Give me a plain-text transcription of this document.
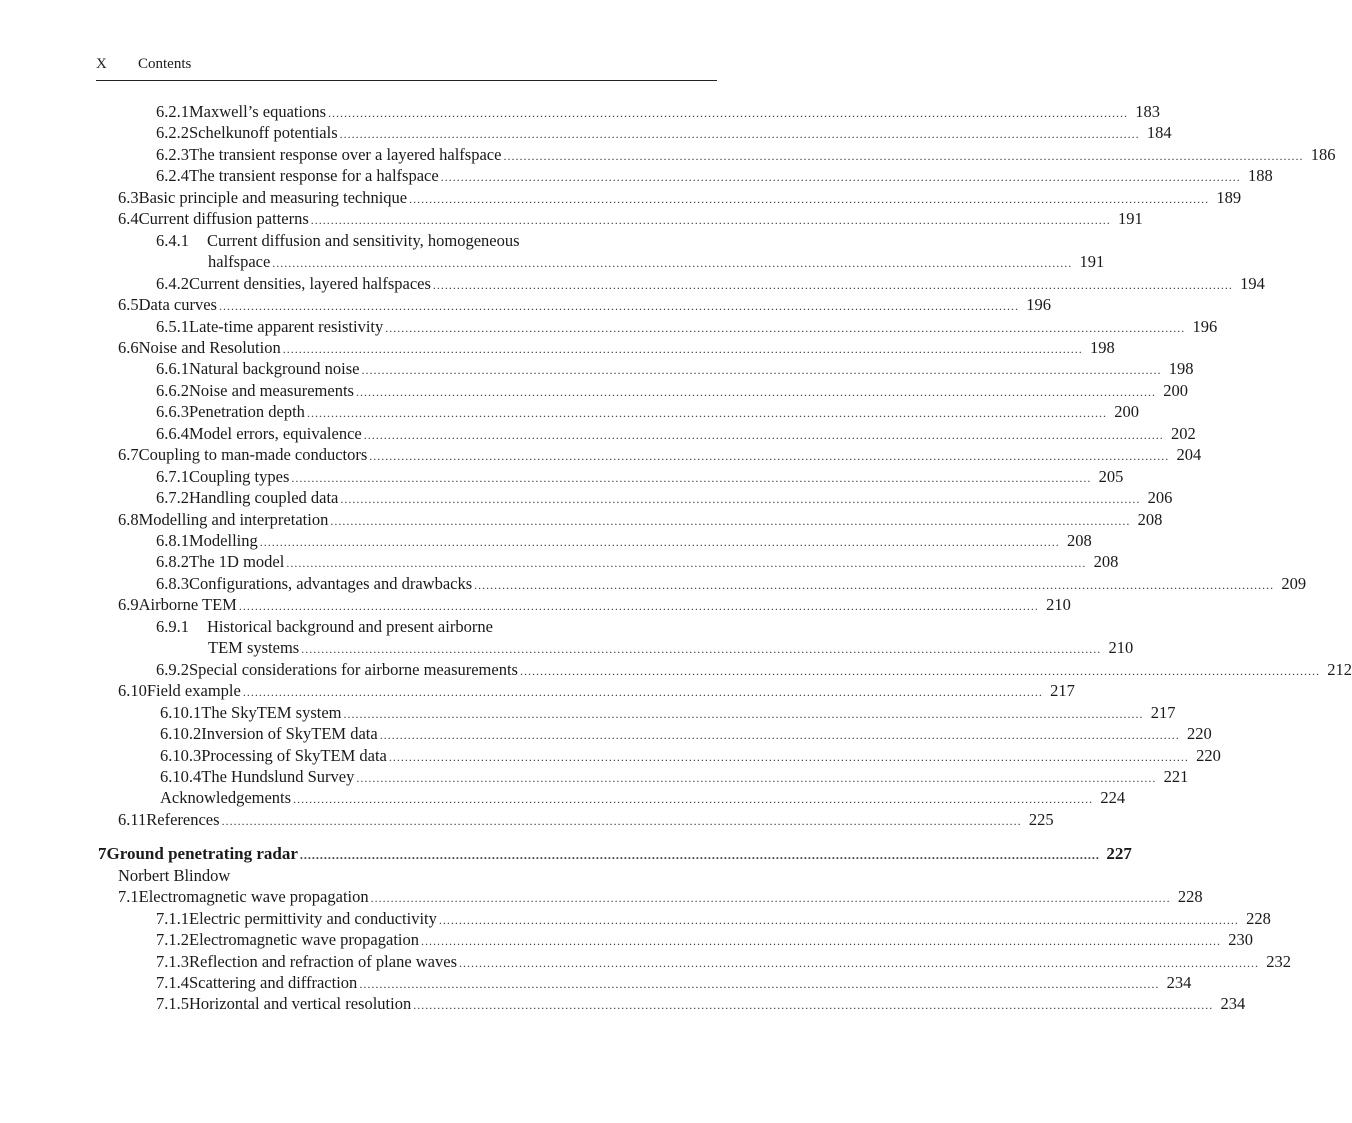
X Contents
6.2.1 Maxwell’s equations ........................................................................................................................................................................................................ 183
6.2.2 Schelkunoff potentials ........................................................................................................................................................................................................ 184
6.2.3 The transient response over a layered halfspace ........................................................................................................................................................................................................ 186
6.2.4 The transient response for a halfspace ........................................................................................................................................................................................................ 188
6.3 Basic principle and measuring technique ........................................................................................................................................................................................................ 189
6.4 Current diffusion patterns ........................................................................................................................................................................................................ 191
6.4.1	Current diffusion and sensitivity, homogeneous
halfspace ........................................................................................................................................................................................................ 191
6.4.2 Current densities, layered halfspaces ........................................................................................................................................................................................................ 194
6.5 Data curves ........................................................................................................................................................................................................ 196
6.5.1 Late-time apparent resistivity ........................................................................................................................................................................................................ 196
6.6 Noise and Resolution ........................................................................................................................................................................................................ 198
6.6.1 Natural background noise ........................................................................................................................................................................................................ 198
6.6.2 Noise and measurements ........................................................................................................................................................................................................ 200
6.6.3 Penetration depth ........................................................................................................................................................................................................ 200
6.6.4 Model errors, equivalence ........................................................................................................................................................................................................ 202
6.7 Coupling to man-made conductors ........................................................................................................................................................................................................ 204
6.7.1 Coupling types ........................................................................................................................................................................................................ 205
6.7.2 Handling coupled data ........................................................................................................................................................................................................ 206
6.8 Modelling and interpretation ........................................................................................................................................................................................................ 208
6.8.1 Modelling ........................................................................................................................................................................................................ 208
6.8.2 The 1D model ........................................................................................................................................................................................................ 208
6.8.3 Configurations, advantages and drawbacks ........................................................................................................................................................................................................ 209
6.9 Airborne TEM ........................................................................................................................................................................................................ 210
6.9.1	Historical background and present airborne
TEM systems ........................................................................................................................................................................................................ 210
6.9.2 Special considerations for airborne measurements ........................................................................................................................................................................................................ 212
6.10 Field example ........................................................................................................................................................................................................ 217
6.10.1 The SkyTEM system ........................................................................................................................................................................................................ 217
6.10.2 Inversion of SkyTEM data ........................................................................................................................................................................................................ 220
6.10.3 Processing of SkyTEM data ........................................................................................................................................................................................................ 220
6.10.4 The Hundslund Survey ........................................................................................................................................................................................................ 221
Acknowledgements ........................................................................................................................................................................................................ 224
6.11 References ........................................................................................................................................................................................................ 225
7 Ground penetrating radar ........................................................................................................................................................................................................ 227
Norbert Blindow
7.1 Electromagnetic wave propagation ........................................................................................................................................................................................................ 228
7.1.1 Electric permittivity and conductivity ........................................................................................................................................................................................................ 228
7.1.2 Electromagnetic wave propagation ........................................................................................................................................................................................................ 230
7.1.3 Reflection and refraction of plane waves ........................................................................................................................................................................................................ 232
7.1.4 Scattering and diffraction ........................................................................................................................................................................................................ 234
7.1.5 Horizontal and vertical resolution ........................................................................................................................................................................................................ 234
